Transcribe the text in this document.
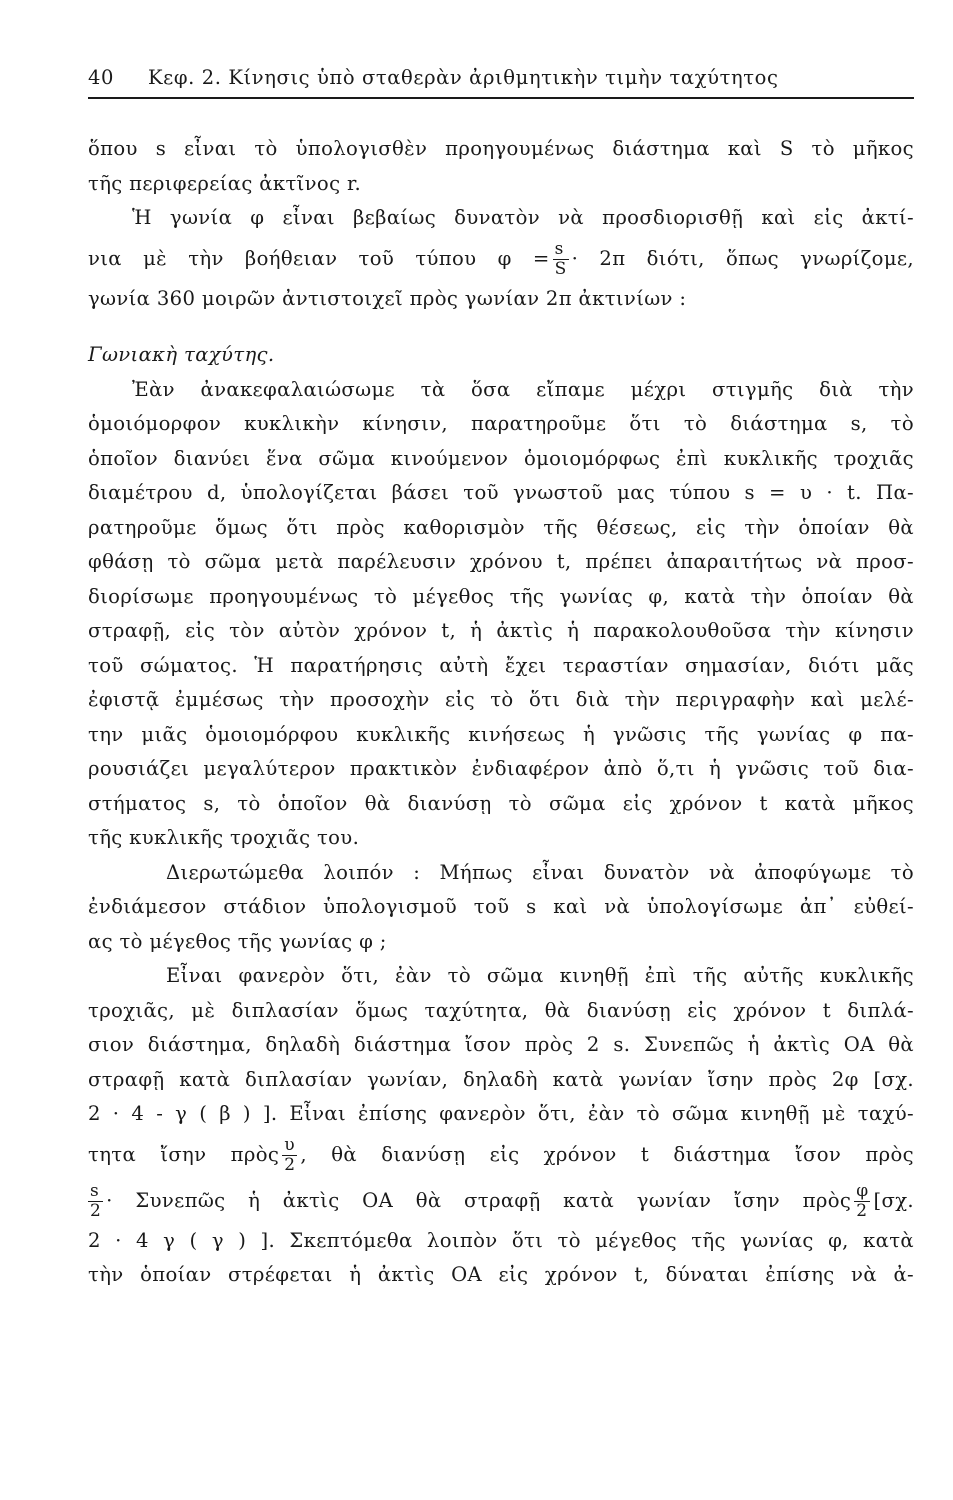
40 Κεφ. 2. Κίνησις ὑπὸ σταθερὰν ἀριθμητικὴν τιμὴν ταχύτητος
ὅπου s εἶναι τὸ ὑπολογισθὲν προηγουμένως διάστημα καὶ S τὸ μῆκος
τῆς περιφερείας ἀκτῖνος r.
Ἡ γωνία φ εἶναι βεβαίως δυνατὸν νὰ προσδιορισθῇ καὶ εἰς ἀκτί-
νια μὲ τὴν βοήθειαν τοῦ τύπου $\varphi = \frac{s}{S} \cdot 2\pi$ διότι, ὅπως γνωρίζομε,
γωνία 360 μοιρῶν ἀντιστοιχεῖ πρὸς γωνίαν 2π ἀκτινίων :
Γωνιακὴ ταχύτης.
Ἐὰν ἀνακεφαλαιώσωμε τὰ ὅσα εἴπαμε μέχρι στιγμῆς διὰ τὴν
ὁμοιόμορφον κυκλικὴν κίνησιν, παρατηροῦμε ὅτι τὸ διάστημα s, τὸ
ὁποῖον διανύει ἕνα σῶμα κινούμενον ὁμοιομόρφως ἐπὶ κυκλικῆς τροχιᾶς
διαμέτρου d, ὑπολογίζεται βάσει τοῦ γνωστοῦ μας τύπου s = υ · t. Πα-
ρατηροῦμε ὅμως ὅτι πρὸς καθορισμὸν τῆς θέσεως, εἰς τὴν ὁποίαν θὰ
φθάσῃ τὸ σῶμα μετὰ παρέλευσιν χρόνου t, πρέπει ἀπαραιτήτως νὰ προσ-
διορίσωμε προηγουμένως τὸ μέγεθος τῆς γωνίας φ, κατὰ τὴν ὁποίαν θὰ
στραφῇ, εἰς τὸν αὐτὸν χρόνον t, ἡ ἀκτὶς ἡ παρακολουθοῦσα τὴν κίνησιν
τοῦ σώματος. Ἡ παρατήρησις αὐτὴ ἔχει τεραστίαν σημασίαν, διότι μᾶς
ἐφιστᾷ ἐμμέσως τὴν προσοχὴν εἰς τὸ ὅτι διὰ τὴν περιγραφὴν καὶ μελέ-
την μιᾶς ὁμοιομόρφου κυκλικῆς κινήσεως ἡ γνῶσις τῆς γωνίας φ πα-
ρουσιάζει μεγαλύτερον πρακτικὸν ἐνδιαφέρον ἀπὸ ὅ,τι ἡ γνῶσις τοῦ δια-
στήματος s, τὸ ὁποῖον θὰ διανύσῃ τὸ σῶμα εἰς χρόνον t κατὰ μῆκος
τῆς κυκλικῆς τροχιᾶς του.
Διερωτώμεθα λοιπόν : Μήπως εἶναι δυνατὸν νὰ ἀποφύγωμε τὸ
ἐνδιάμεσον στάδιον ὑπολογισμοῦ τοῦ s καὶ νὰ ὑπολογίσωμε ἀπ᾽ εὐθεί-
ας τὸ μέγεθος τῆς γωνίας φ ;
Εἶναι φανερὸν ὅτι, ἐὰν τὸ σῶμα κινηθῇ ἐπὶ τῆς αὐτῆς κυκλικῆς
τροχιᾶς, μὲ διπλασίαν ὅμως ταχύτητα, θὰ διανύσῃ εἰς χρόνον t διπλά-
σιον διάστημα, δηλαδὴ διάστημα ἴσον πρὸς 2 s. Συνεπῶς ἡ ἀκτὶς ΟΑ θὰ
στραφῇ κατὰ διπλασίαν γωνίαν, δηλαδὴ κατὰ γωνίαν ἴσην πρὸς 2φ [σχ.
2 · 4 - γ ( β ) ]. Εἶναι ἐπίσης φανερὸν ὅτι, ἐὰν τὸ σῶμα κινηθῇ μὲ ταχύ-
τητα ἴσην πρὸς $\frac{\upsilon}{2}$ , θὰ διανύσῃ εἰς χρόνον t διάστημα ἴσον πρὸς
$\frac{s}{2}$ · Συνεπῶς ἡ ἀκτὶς ΟΑ θὰ στραφῇ κατὰ γωνίαν ἴσην πρὸς $\frac{\varphi}{2} [\sigma\chi$.
2 · 4 γ ( γ ) ]. Σκεπτόμεθα λοιπὸν ὅτι τὸ μέγεθος τῆς γωνίας φ, κατὰ
τὴν ὁποίαν στρέφεται ἡ ἀκτὶς ΟΑ εἰς χρόνον t, δύναται ἐπίσης νὰ ἀ-
